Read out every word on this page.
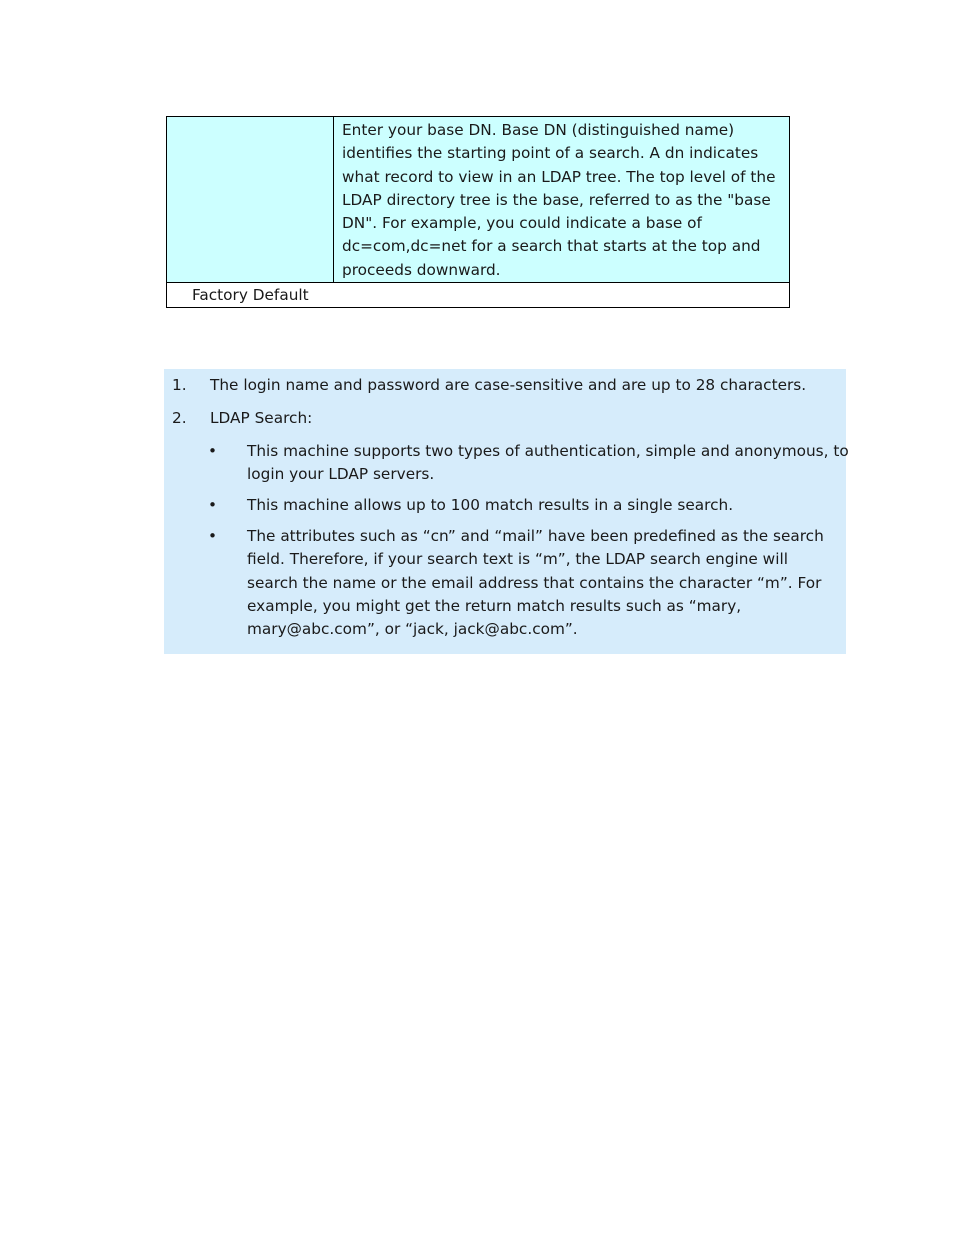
	Enter your base DN. Base DN (distinguished name) identifies the starting point of a search. A dn indicates what record to view in an LDAP tree. The top level of the LDAP directory tree is the base, referred to as the "base DN". For example, you could indicate a base of dc=com,dc=net for a search that starts at the top and proceeds downward.
Factory Default
1. The login name and password are case-sensitive and are up to 28 characters.
2. LDAP Search:
• This machine supports two types of authentication, simple and anonymous, to login your LDAP servers.
• This machine allows up to 100 match results in a single search.
• The attributes such as “cn” and “mail” have been predefined as the search field. Therefore, if your search text is “m”, the LDAP search engine will search the name or the email address that contains the character “m”. For example, you might get the return match results such as “mary, mary@abc.com”, or “jack, jack@abc.com”.
